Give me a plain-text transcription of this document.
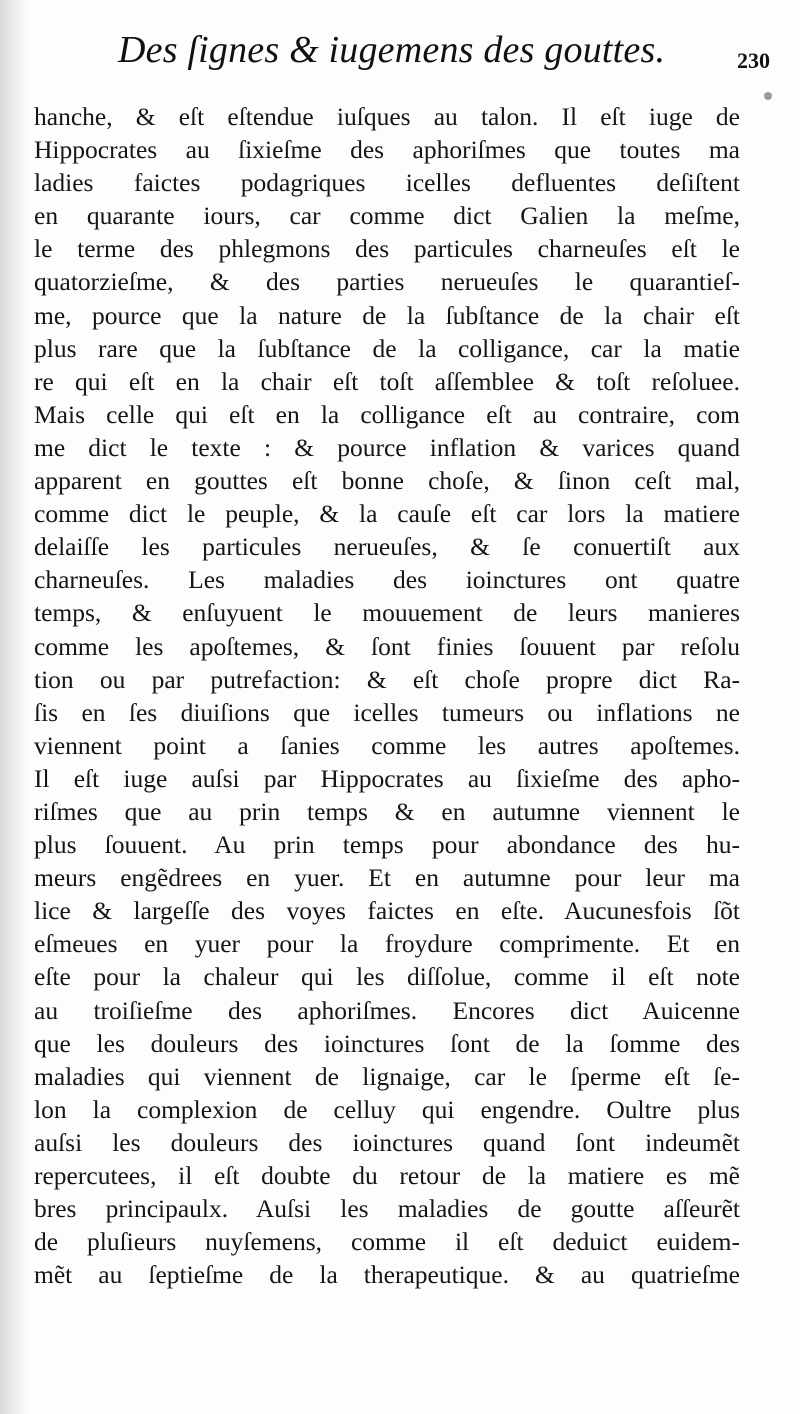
Des ſignes & iugemens des gouttes.	230
hanche, & eſt eſtendue iuſques au talon. Il eſt iuge de
Hippocrates au ſixieſme des aphoriſmes que toutes ma
ladies faictes podagriques icelles defluentes deſiſtent
en quarante iours, car comme dict Galien la meſme,
le terme des phlegmons des particules charneuſes eſt le
quatorzieſme, & des parties nerueuſes le quarantieſ-
me, pource que la nature de la ſubſtance de la chair eſt
plus rare que la ſubſtance de la colligance, car la matie
re qui eſt en la chair eſt toſt aſſemblee & toſt reſoluee.
Mais celle qui eſt en la colligance eſt au contraire, com
me dict le texte : & pource inflation & varices quand
apparent en gouttes eſt bonne choſe, & ſinon ceſt mal,
comme dict le peuple, & la cauſe eſt car lors la matiere
delaiſſe les particules nerueuſes, & ſe conuertiſt aux
charneuſes. Les maladies des ioinctures ont quatre
temps, & enſuyuent le mouuement de leurs manieres
comme les apoſtemes, & ſont finies ſouuent par reſolu
tion ou par putrefaction: & eſt choſe propre dict Ra-
ſis en ſes diuiſions que icelles tumeurs ou inflations ne
viennent point a ſanies comme les autres apoſtemes.
Il eſt iuge auſsi par Hippocrates au ſixieſme des apho-
riſmes que au prin temps & en autumne viennent le
plus ſouuent. Au prin temps pour abondance des hu-
meurs engẽdrees en yuer. Et en autumne pour leur ma
lice & largeſſe des voyes faictes en eſte. Aucunesfois ſõt
eſmeues en yuer pour la froydure comprimente. Et en
eſte pour la chaleur qui les diſſolue, comme il eſt note
au troiſieſme des aphoriſmes. Encores dict Auicenne
que les douleurs des ioinctures ſont de la ſomme des
maladies qui viennent de lignaige, car le ſperme eſt ſe-
lon la complexion de celluy qui engendre. Oultre plus
auſsi les douleurs des ioinctures quand ſont indeumẽt
repercutees, il eſt doubte du retour de la matiere es mẽ
bres principaulx. Auſsi les maladies de goutte aſſeurẽt
de pluſieurs nuyſemens, comme il eſt deduict euidem-
mẽt au ſeptieſme de la therapeutique. & au quatrieſme
